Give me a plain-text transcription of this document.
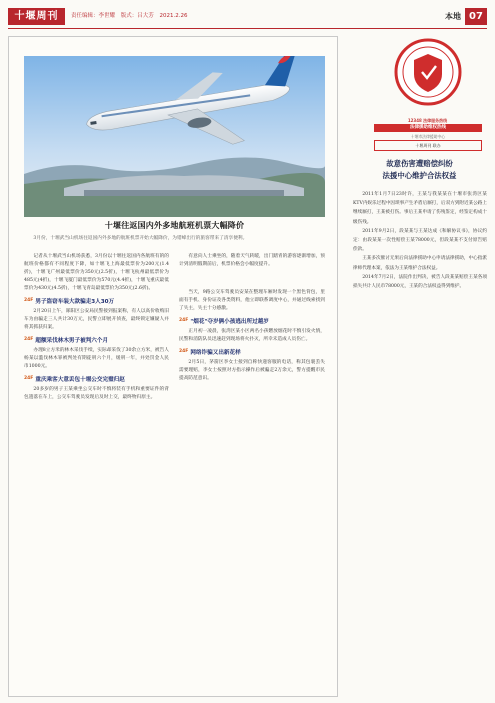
十堰周刊	责任编辑：李世耀 版式：吕大芳 2021.2.26	本地 07
十堰往返国内外多地航班机票大幅降价

3月份，十堰武当山机场往返国内外多地的航班机票开始大幅降价，为错峰出行的旅客带来了清享便利。

记者从十堰武当山机场获悉，3月份以十堰往返国内各航班有的的航班价格都有不同程度下降，如十堰飞上海最低票价为200元(1.4折)，十堰飞广州最低票价为350元(2.5折)，十堰飞杭州最低票价为485元(4折)，十堰飞厦门最低票价为570元(4.4折)，十堰飞重庆最低票价为430元(4.5折)，十堰飞青岛最低票价为350元(2.6折)。

24F 男子盗窃车装大款骗走3人30万

2月20日上午，郧阳区公安局民警接到报案称，有人以高价收购旧车为由骗走三人共计30万元，民警立即展开侦查，最终锁定嫌疑人并将其抓获归案。

24F 超额采伐林木男子被判六个月

办理8立方米的林木采伐手续，实际却采伐了30余立方米，被告人杨某以滥伐林木罪被判处有期徒刑六个月，缓刑一年，并处罚金人民币1000元。

24F 重庆乘客大意丢包十堰公交完璧归赵

20多岁的男子王某乘坐公交车时不慎将装有手机和重要证件的背包遗落在车上，公交车驾驶员发现后及时上交，最终物归原主。

有意向人士乘坐的，随着天气转暖，出门踏青的游客逐渐增加，预计到清明假期前后，机票价格会小幅度提升。

当天，9路公交车驾驶员安某在整理车厢时发现一个黑色背包，里面有手机、身份证及各类资料，他立即联系调度中心，并通过线索找到了失主，失主十分感激。

24F "烟花"夺岁俩小孩逃出所过越岁

正月初一凌晨，张湾区某小区两名小孩燃放烟花时不慎引发火情，民警和消防队员迅速赶到现场将火扑灭，所幸未造成人员伤亡。

24F 网络诈骗又出新花样

2月5日，茅箭区李女士接到自称快递客服的电话，称其包裹丢失需要理赔，李女士按照对方指示操作后被骗走2万余元，警方提醒市民提高防范意识。

12348 法律服务热线
法律援助维权热线
十堰市法律援助中心
十堰周刊 联办
故意伤害遭赔偿纠纷
法援中心维护合法权益

2011年1月7日23时许，王某与我某某在十堰市张湾区某KTV内娱乐过程中因琐事产生矛盾后厮打，后双方到附近某公路上继续厮打，王某被打伤。事后王某申请了伤残鉴定，经鉴定构成十级伤残。

2011年9月2日，段某某与王某达成《和解协议书》，协议约定：由段某某一次性赔偿王某78000元，但段某某不支付原告赔偿款。

王某多次催讨无果后向法律援助中心申请法律援助，中心指派律师代理本案，依法为王某维护合法权益。

2014年7月2日，法院作出判决，被告人段某某赔偿王某各项损失共计人民币78000元，王某的合法权益得到维护。
